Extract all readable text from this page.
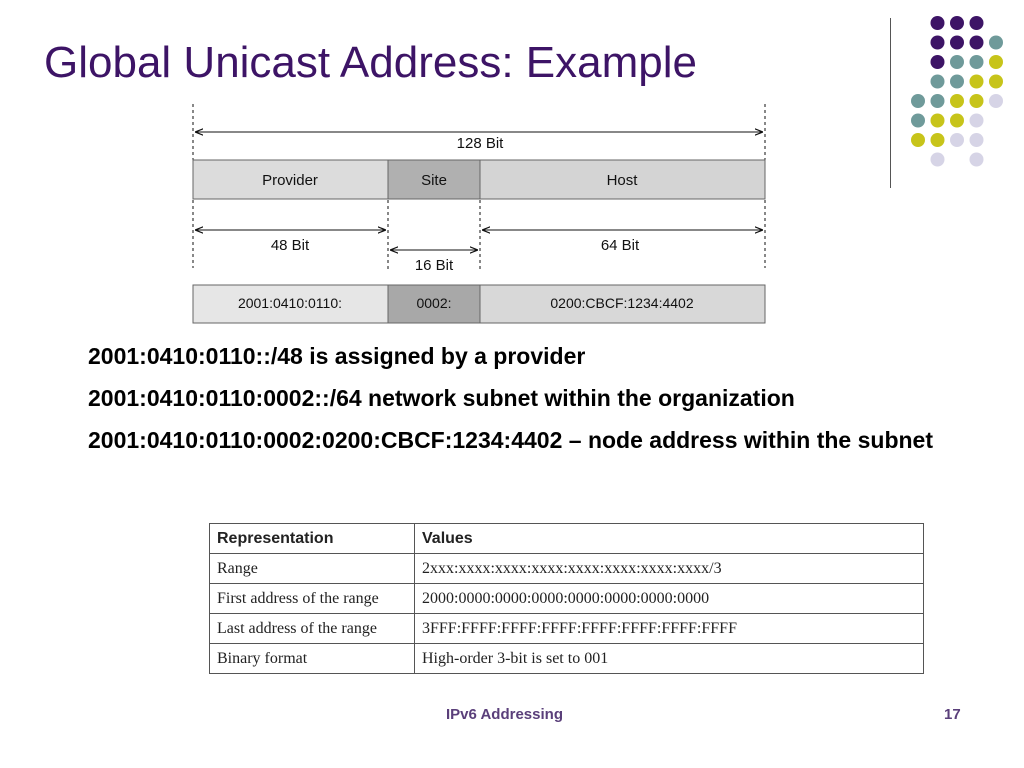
Global Unicast Address: Example
128 Bit
Provider	Site	Host
48 Bit
16 Bit
64 Bit
2001:0410:0110:	0002:	0200:CBCF:1234:4402
2001:0410:0110::/48 is assigned by a provider
2001:0410:0110:0002::/64 network subnet within the organization
2001:0410:0110:0002:0200:CBCF:1234:4402 – node address within the subnet
Representation	Values
Range	2xxx:xxxx:xxxx:xxxx:xxxx:xxxx:xxxx:xxxx/3
First address of the range	2000:0000:0000:0000:0000:0000:0000:0000
Last address of the range	3FFF:FFFF:FFFF:FFFF:FFFF:FFFF:FFFF:FFFF
Binary format	High-order 3-bit is set to 001
IPv6 Addressing	17
